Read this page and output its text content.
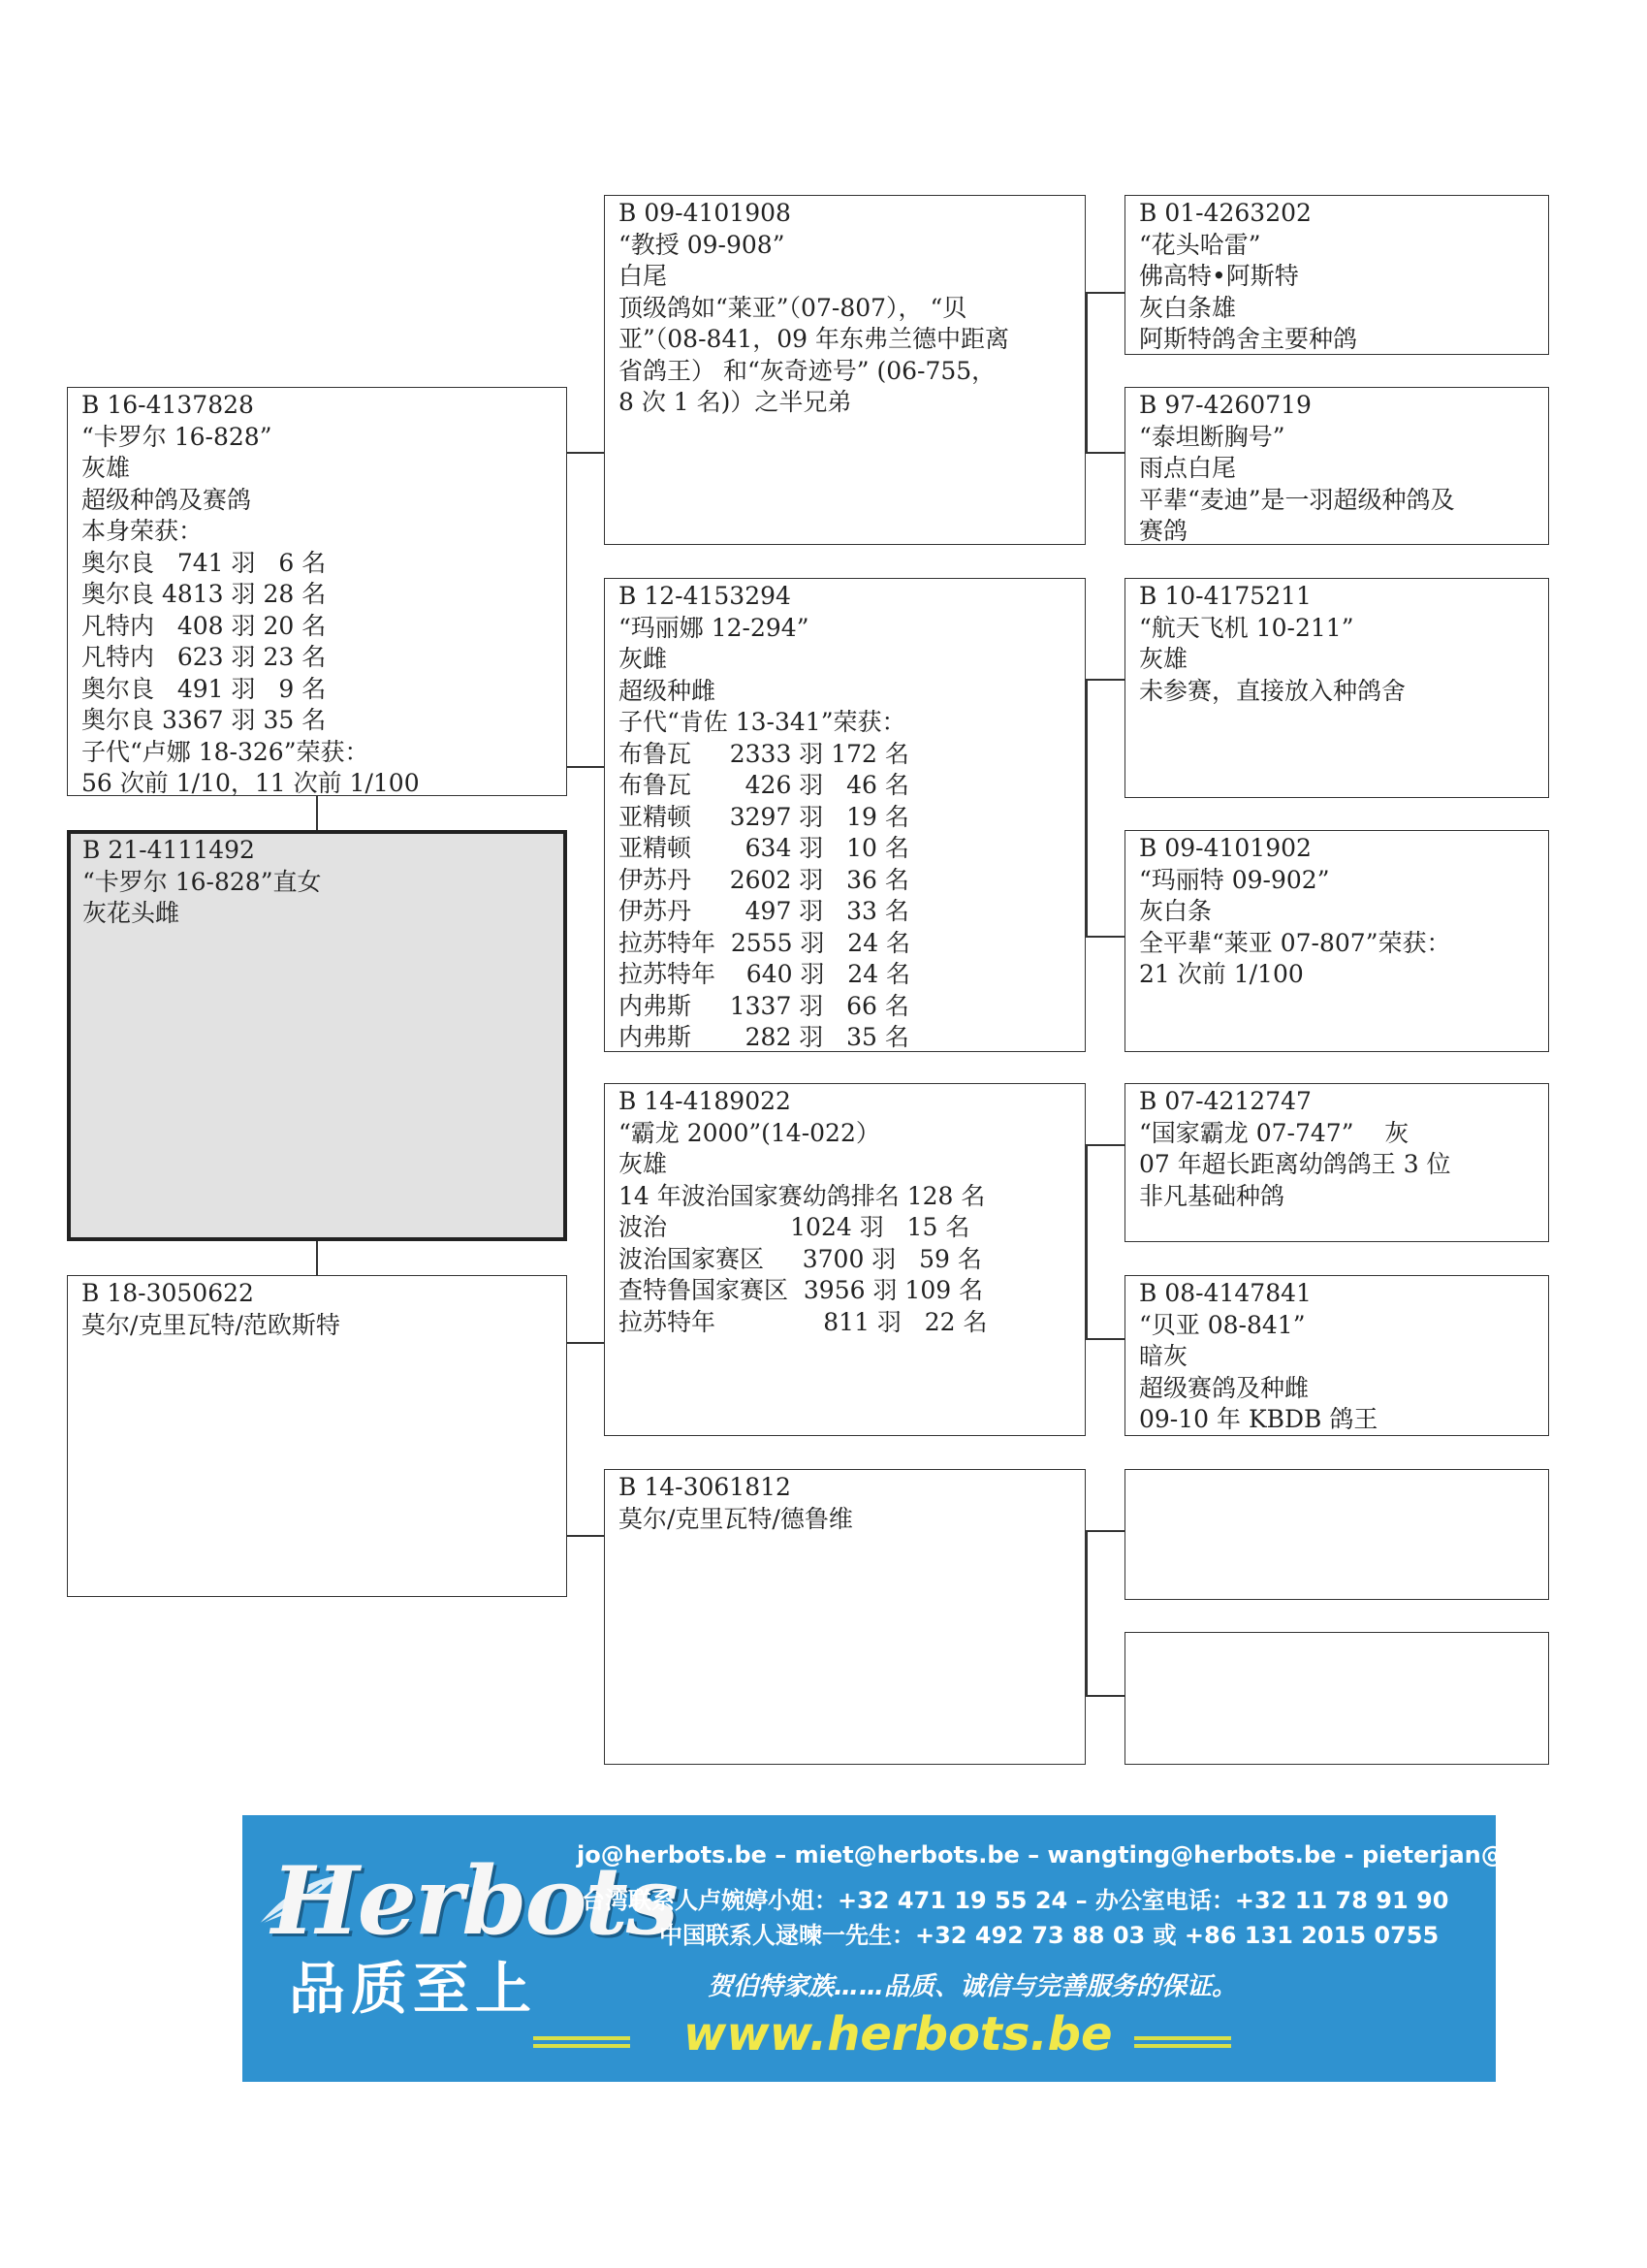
B 16-4137828
“卡罗尔 16-828”
灰雄
超级种鸽及赛鸽
本身荣获：
奥尔良   741 羽   6 名
奥尔良 4813 羽 28 名
凡特内   408 羽 20 名
凡特内   623 羽 23 名
奥尔良   491 羽   9 名
奥尔良 3367 羽 35 名
子代“卢娜 18-326”荣获：
56 次前 1/10，11 次前 1/100
B 21-4111492
“卡罗尔 16-828”直女
灰花头雌
B 18-3050622
莫尔/克里瓦特/范欧斯特
B 09-4101908
“教授 09-908”
白尾
顶级鸽如“莱亚”（07-807）， “贝
亚”（08-841，09 年东弗兰德中距离
省鸽王） 和“灰奇迹号” (06-755，
8 次 1 名)）之半兄弟
B 12-4153294
“玛丽娜 12-294”
灰雌
超级种雌
子代“肯佐 13-341”荣获：
布鲁瓦     2333 羽 172 名
布鲁瓦       426 羽   46 名
亚精顿     3297 羽   19 名
亚精顿       634 羽   10 名
伊苏丹     2602 羽   36 名
伊苏丹       497 羽   33 名
拉苏特年  2555 羽   24 名
拉苏特年    640 羽   24 名
内弗斯     1337 羽   66 名
内弗斯       282 羽   35 名
B 14-4189022
“霸龙 2000”(14-022）
灰雄
14 年波治国家赛幼鸽排名 128 名
波治                1024 羽   15 名
波治国家赛区     3700 羽   59 名
查特鲁国家赛区  3956 羽 109 名
拉苏特年              811 羽   22 名
B 14-3061812
莫尔/克里瓦特/德鲁维
B 01-4263202
“花头哈雷”
佛高特•阿斯特
灰白条雄
阿斯特鸽舍主要种鸽
B 97-4260719
“泰坦断胸号”
雨点白尾
平辈“麦迪”是一羽超级种鸽及
赛鸽
B 10-4175211
“航天飞机 10-211”
灰雄
未参赛，直接放入种鸽舍
B 09-4101902
“玛丽特 09-902”
灰白条
全平辈“莱亚 07-807”荣获：
21 次前 1/100
B 07-4212747
“国家霸龙 07-747”    灰
07 年超长距离幼鸽鸽王 3 位
非凡基础种鸽
B 08-4147841
“贝亚 08-841”
暗灰
超级赛鸽及种雌
09-10 年 KBDB 鸽王
Herbots
品质至上
jo@herbots.be – miet@herbots.be – wangting@herbots.be - pieterjan@herbots.be
台湾联系人卢婉婷小姐：+32 471 19 55 24 – 办公室电话：+32 11 78 91 90
中国联系人逯暕一先生：+32 492 73 88 03 或 +86 131 2015 0755
贺伯特家族……品质、诚信与完善服务的保证。
www.herbots.be
